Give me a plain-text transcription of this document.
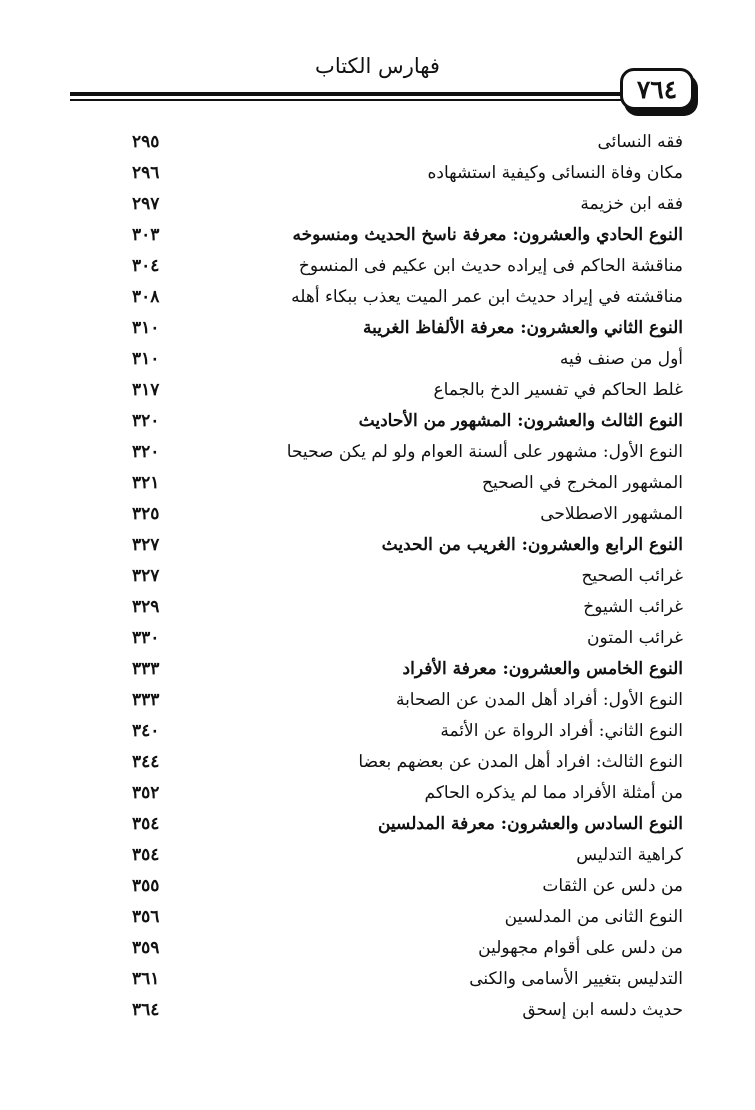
فهارس الكتاب
٧٦٤
فقه النسائى
٢٩٥
مكان وفاة النسائى وكيفية استشهاده
٢٩٦
فقه ابن خزيمة
٢٩٧
النوع الحادي والعشرون: معرفة ناسخ الحديث ومنسوخه
٣٠٣
مناقشة الحاكم فى إيراده حديث ابن عكيم فى المنسوخ
٣٠٤
مناقشته في إيراد حديث ابن عمر الميت يعذب ببكاء أهله
٣٠٨
النوع الثاني والعشرون: معرفة الألفاظ الغريبة
٣١٠
أول من صنف فيه
٣١٠
غلط الحاكم في تفسير الدخ بالجماع
٣١٧
النوع الثالث والعشرون: المشهور من الأحاديث
٣٢٠
النوع الأول: مشهور على ألسنة العوام ولو لم يكن صحيحا
٣٢٠
المشهور المخرج في الصحيح
٣٢١
المشهور الاصطلاحى
٣٢٥
النوع الرابع والعشرون: الغريب من الحديث
٣٢٧
غرائب الصحيح
٣٢٧
غرائب الشيوخ
٣٢٩
غرائب المتون
٣٣٠
النوع الخامس والعشرون: معرفة الأفراد
٣٣٣
النوع الأول: أفراد أهل المدن عن الصحابة
٣٣٣
النوع الثاني: أفراد الرواة عن الأئمة
٣٤٠
النوع الثالث: افراد أهل المدن عن بعضهم بعضا
٣٤٤
من أمثلة الأفراد مما لم يذكره الحاكم
٣٥٢
النوع السادس والعشرون: معرفة المدلسين
٣٥٤
كراهية التدليس
٣٥٤
من دلس عن الثقات
٣٥٥
النوع الثانى من المدلسين
٣٥٦
من دلس على أقوام مجهولين
٣٥٩
التدليس بتغيير الأسامى والكنى
٣٦١
حديث دلسه ابن إسحق
٣٦٤
